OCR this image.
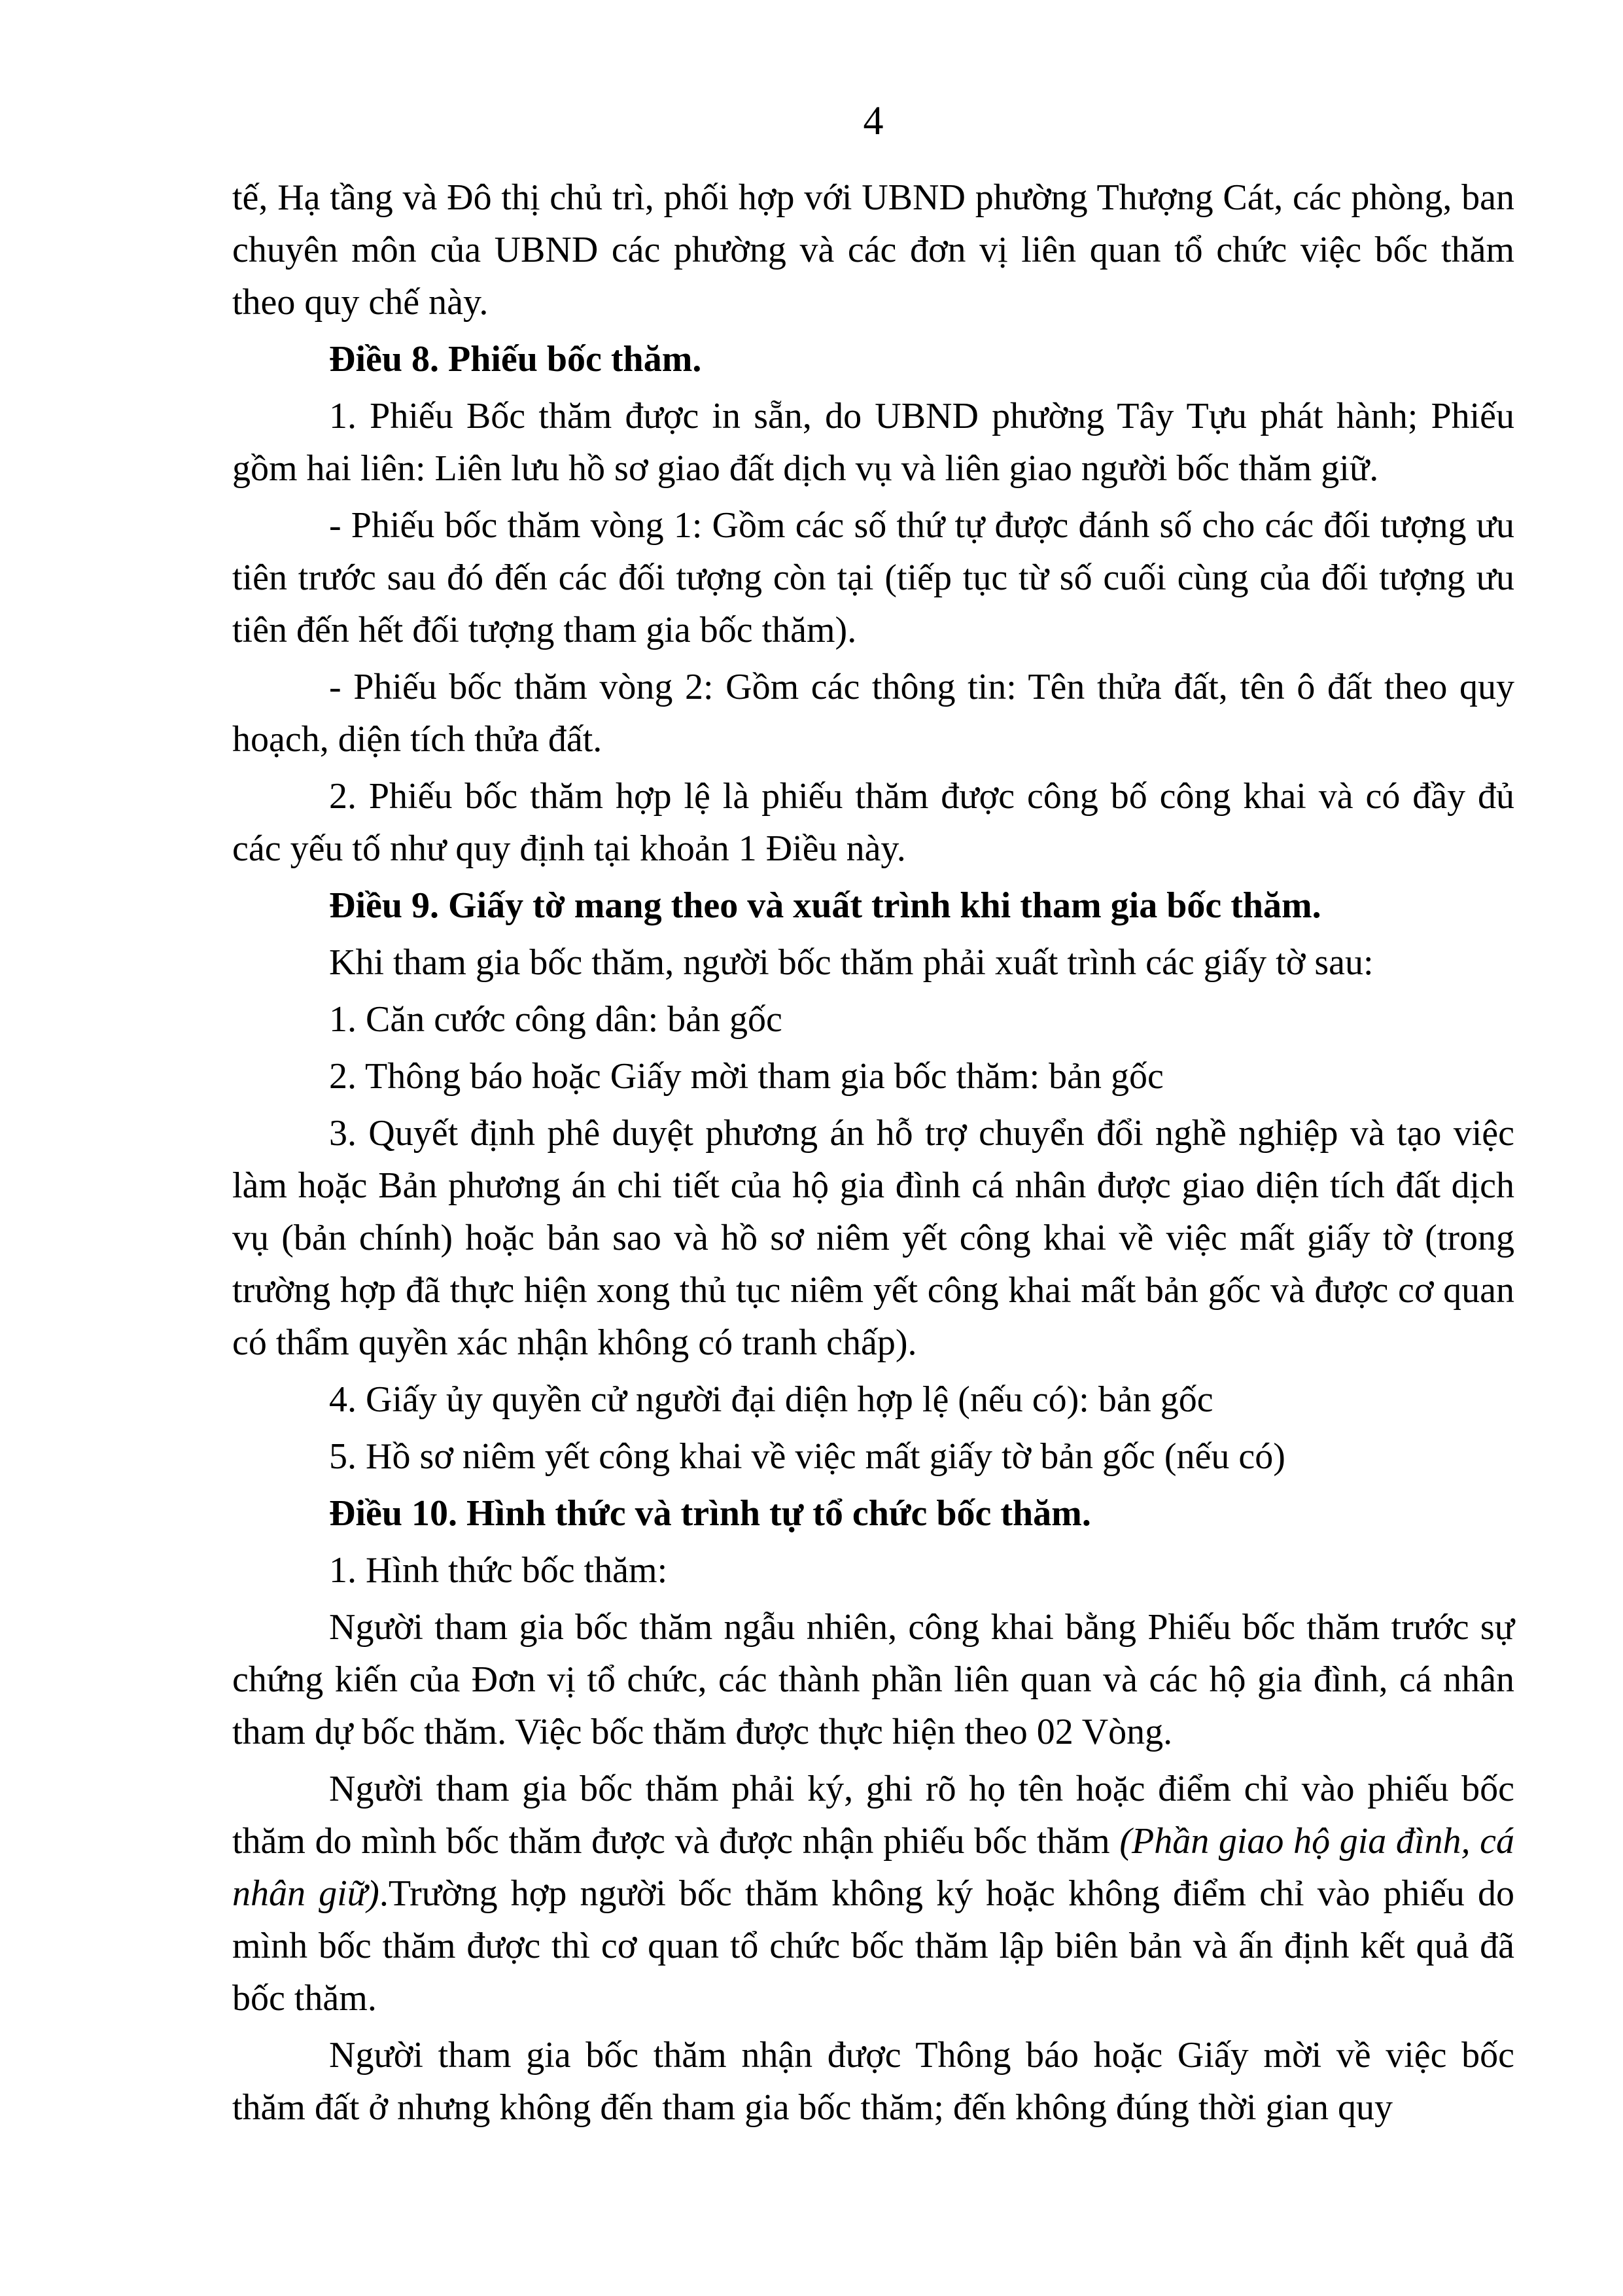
4

tế, Hạ tầng và Đô thị chủ trì, phối hợp với UBND phường Thượng Cát, các phòng, ban chuyên môn của UBND các phường và các đơn vị liên quan tổ chức việc bốc thăm theo quy chế này.

Điều 8. Phiếu bốc thăm.

1. Phiếu Bốc thăm được in sẵn, do UBND phường Tây Tựu phát hành; Phiếu gồm hai liên: Liên lưu hồ sơ giao đất dịch vụ và liên giao người bốc thăm giữ.

- Phiếu bốc thăm vòng 1: Gồm các số thứ tự được đánh số cho các đối tượng ưu tiên trước sau đó đến các đối tượng còn tại (tiếp tục từ số cuối cùng của đối tượng ưu tiên đến hết đối tượng tham gia bốc thăm).

- Phiếu bốc thăm vòng 2: Gồm các thông tin: Tên thửa đất, tên ô đất theo quy hoạch, diện tích thửa đất.

2. Phiếu bốc thăm hợp lệ là phiếu thăm được công bố công khai và có đầy đủ các yếu tố như quy định tại khoản 1 Điều này.

Điều 9. Giấy tờ mang theo và xuất trình khi tham gia bốc thăm.

Khi tham gia bốc thăm, người bốc thăm phải xuất trình các giấy tờ sau:

1. Căn cước công dân: bản gốc

2. Thông báo hoặc Giấy mời tham gia bốc thăm: bản gốc

3. Quyết định phê duyệt phương án hỗ trợ chuyển đổi nghề nghiệp và tạo việc làm hoặc Bản phương án chi tiết của hộ gia đình cá nhân được giao diện tích đất dịch vụ (bản chính) hoặc bản sao và hồ sơ niêm yết công khai về việc mất giấy tờ (trong trường hợp đã thực hiện xong thủ tục niêm yết công khai mất bản gốc và được cơ quan có thẩm quyền xác nhận không có tranh chấp).

4. Giấy ủy quyền cử người đại diện hợp lệ (nếu có): bản gốc

5. Hồ sơ niêm yết công khai về việc mất giấy tờ bản gốc (nếu có)

Điều 10. Hình thức và trình tự tổ chức bốc thăm.

1. Hình thức bốc thăm:

Người tham gia bốc thăm ngẫu nhiên, công khai bằng Phiếu bốc thăm trước sự chứng kiến của Đơn vị tổ chức, các thành phần liên quan và các hộ gia đình, cá nhân tham dự bốc thăm. Việc bốc thăm được thực hiện theo 02 Vòng.

Người tham gia bốc thăm phải ký, ghi rõ họ tên hoặc điểm chỉ vào phiếu bốc thăm do mình bốc thăm được và được nhận phiếu bốc thăm (Phần giao hộ gia đình, cá nhân giữ).Trường hợp người bốc thăm không ký hoặc không điểm chỉ vào phiếu do mình bốc thăm được thì cơ quan tổ chức bốc thăm lập biên bản và ấn định kết quả đã bốc thăm.

Người tham gia bốc thăm nhận được Thông báo hoặc Giấy mời về việc bốc thăm đất ở nhưng không đến tham gia bốc thăm; đến không đúng thời gian quy
